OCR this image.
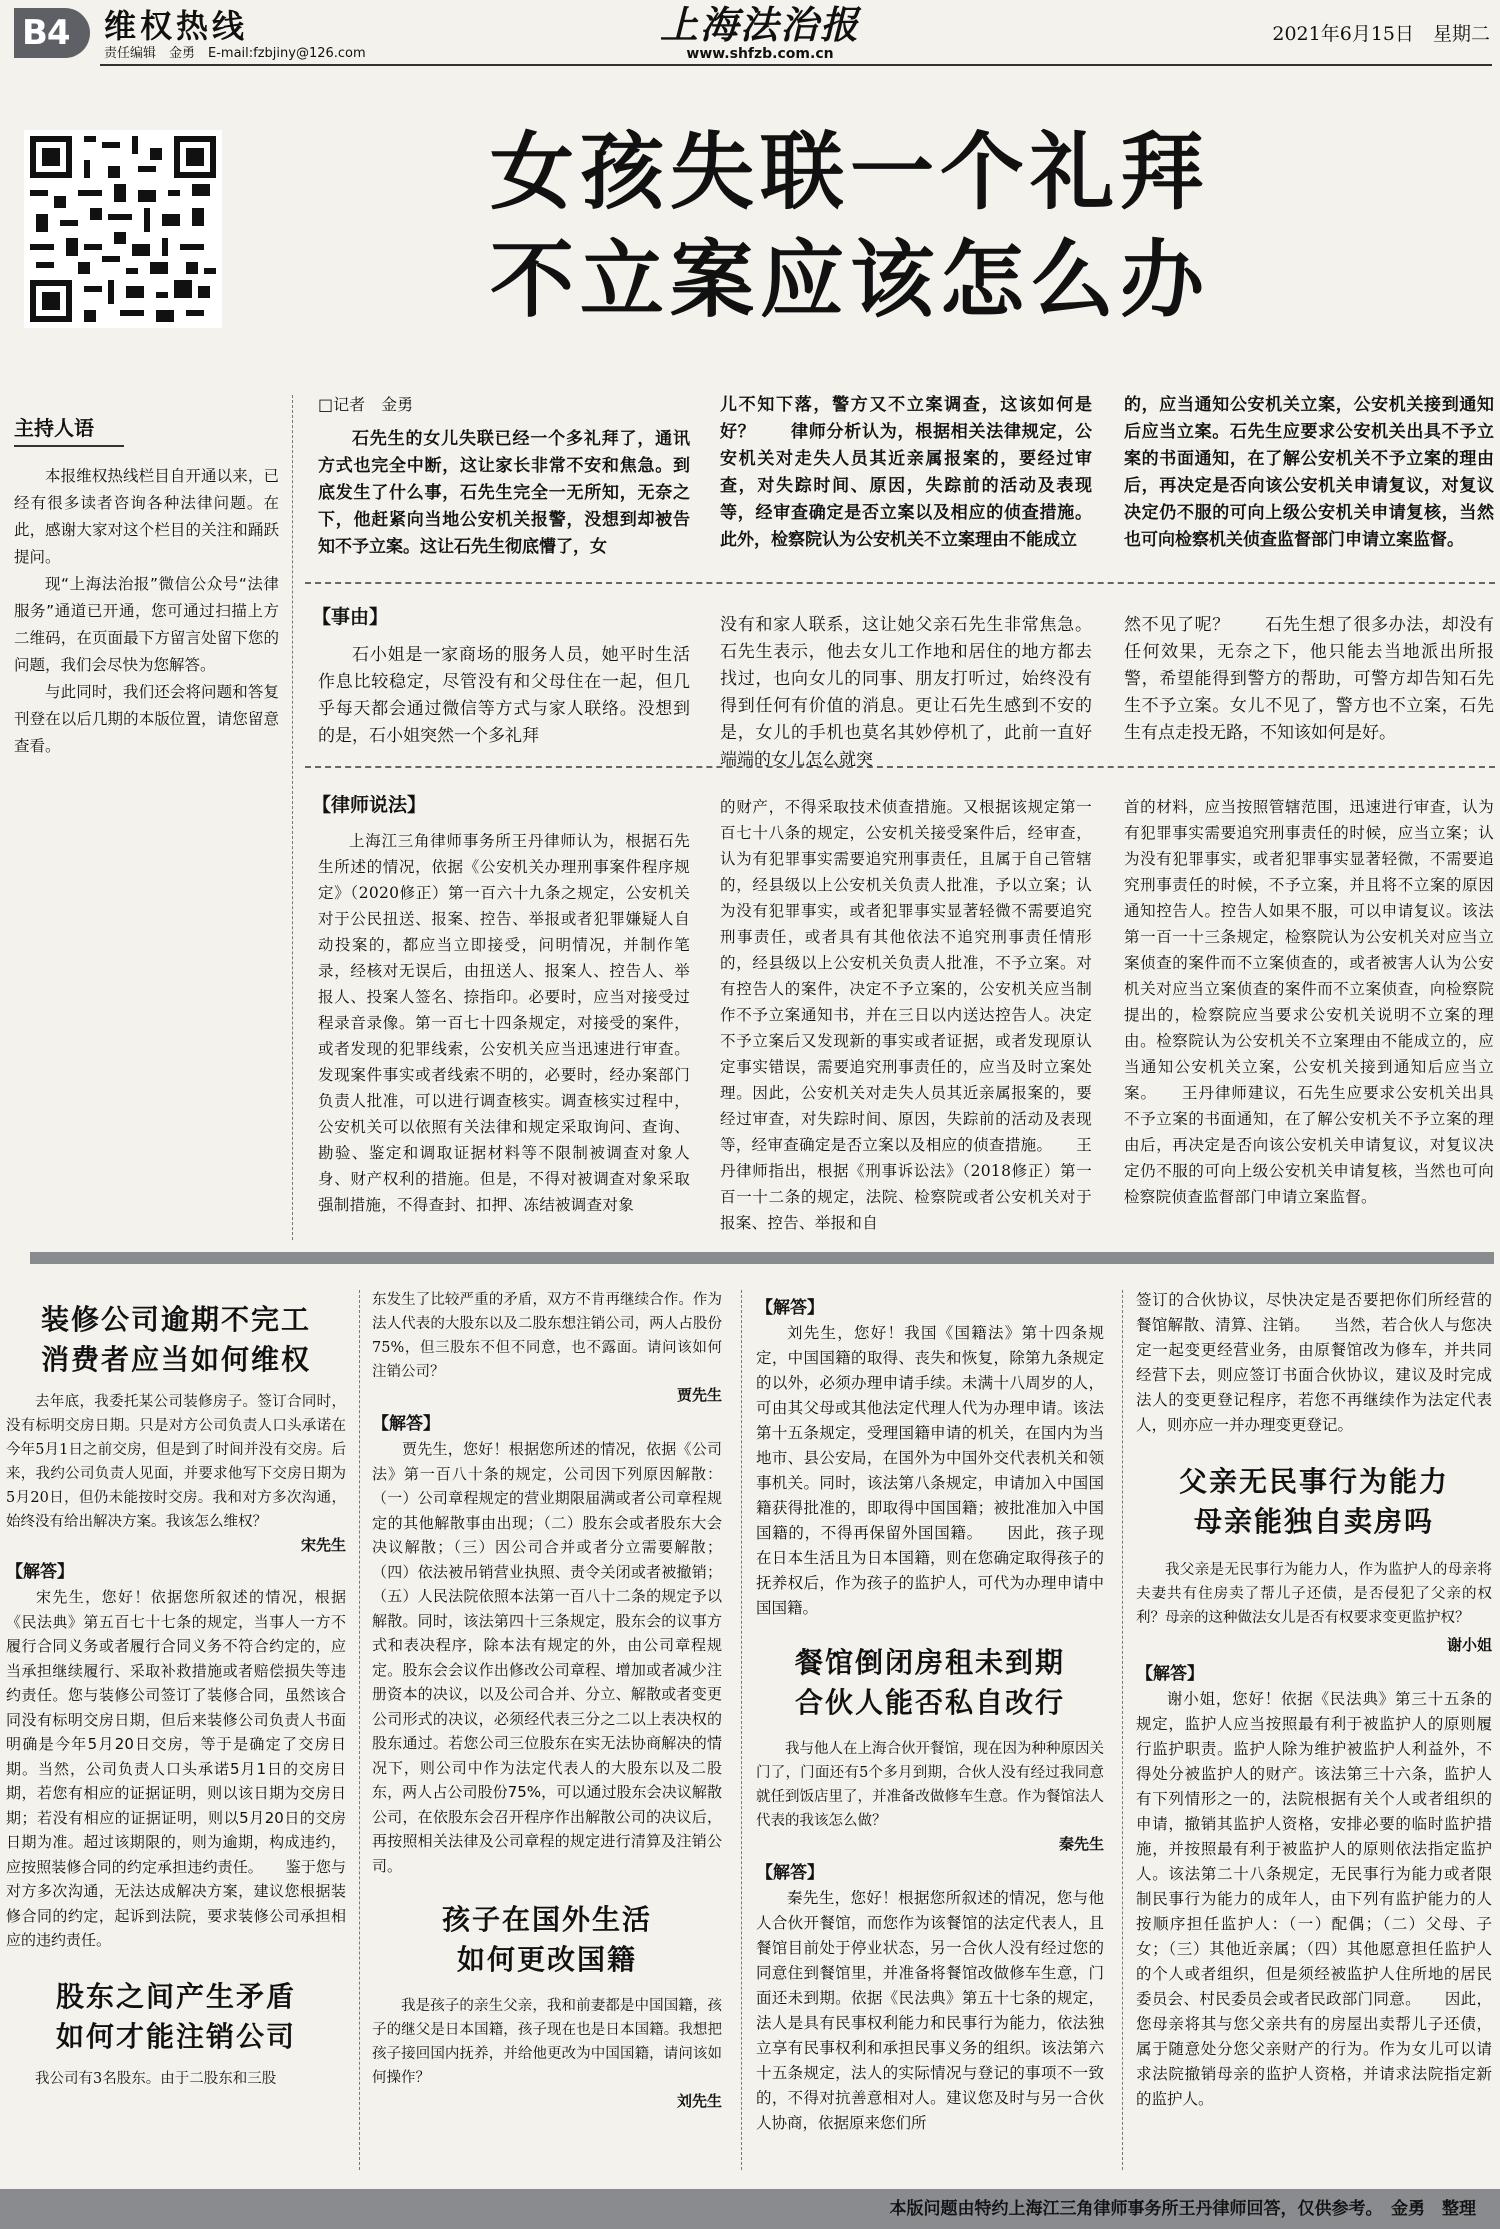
B4	维权热线
责任编辑　金勇　E-mail:fzbjiny@126.com
上海法治报
www.shfzb.com.cn
2021年6月15日　星期二
女孩失联一个礼拜
不立案应该怎么办
主持人语

本报维权热线栏目自开通以来，已经有很多读者咨询各种法律问题。在此，感谢大家对这个栏目的关注和踊跃提问。

现“上海法治报”微信公众号“法律服务”通道已开通，您可通过扫描上方二维码，在页面最下方留言处留下您的问题，我们会尽快为您解答。

与此同时，我们还会将问题和答复刊登在以后几期的本版位置，请您留意查看。

□记者　金勇
石先生的女儿失联已经一个多礼拜了，通讯方式也完全中断，这让家长非常不安和焦急。到底发生了什么事，石先生完全一无所知，无奈之下，他赶紧向当地公安机关报警，没想到却被告知不予立案。这让石先生彻底懵了，女
儿不知下落，警方又不立案调查，这该如何是好？　　律师分析认为，根据相关法律规定，公安机关对走失人员其近亲属报案的，要经过审查，对失踪时间、原因，失踪前的活动及表现等，经审查确定是否立案以及相应的侦查措施。此外，检察院认为公安机关不立案理由不能成立
的，应当通知公安机关立案，公安机关接到通知后应当立案。石先生应要求公安机关出具不予立案的书面通知，在了解公安机关不予立案的理由后，再决定是否向该公安机关申请复议，对复议决定仍不服的可向上级公安机关申请复核，当然也可向检察机关侦查监督部门申请立案监督。
【事由】
石小姐是一家商场的服务人员，她平时生活作息比较稳定，尽管没有和父母住在一起，但几乎每天都会通过微信等方式与家人联络。没想到的是，石小姐突然一个多礼拜
没有和家人联系，这让她父亲石先生非常焦急。石先生表示，他去女儿工作地和居住的地方都去找过，也向女儿的同事、朋友打听过，始终没有得到任何有价值的消息。更让石先生感到不安的是，女儿的手机也莫名其妙停机了，此前一直好端端的女儿怎么就突
然不见了呢？　　石先生想了很多办法，却没有任何效果，无奈之下，他只能去当地派出所报警，希望能得到警方的帮助，可警方却告知石先生不予立案。女儿不见了，警方也不立案，石先生有点走投无路，不知该如何是好。
【律师说法】
上海江三角律师事务所王丹律师认为，根据石先生所述的情况，依据《公安机关办理刑事案件程序规定》（2020修正）第一百六十九条之规定，公安机关对于公民扭送、报案、控告、举报或者犯罪嫌疑人自动投案的，都应当立即接受，问明情况，并制作笔录，经核对无误后，由扭送人、报案人、控告人、举报人、投案人签名、捺指印。必要时，应当对接受过程录音录像。第一百七十四条规定，对接受的案件，或者发现的犯罪线索，公安机关应当迅速进行审查。发现案件事实或者线索不明的，必要时，经办案部门负责人批准，可以进行调查核实。调查核实过程中，公安机关可以依照有关法律和规定采取询问、查询、勘验、鉴定和调取证据材料等不限制被调查对象人身、财产权利的措施。但是，不得对被调查对象采取强制措施，不得查封、扣押、冻结被调查对象
的财产，不得采取技术侦查措施。又根据该规定第一百七十八条的规定，公安机关接受案件后，经审查，认为有犯罪事实需要追究刑事责任，且属于自己管辖的，经县级以上公安机关负责人批准，予以立案；认为没有犯罪事实，或者犯罪事实显著轻微不需要追究刑事责任，或者具有其他依法不追究刑事责任情形的，经县级以上公安机关负责人批准，不予立案。对有控告人的案件，决定不予立案的，公安机关应当制作不予立案通知书，并在三日以内送达控告人。决定不予立案后又发现新的事实或者证据，或者发现原认定事实错误，需要追究刑事责任的，应当及时立案处理。因此，公安机关对走失人员其近亲属报案的，要经过审查，对失踪时间、原因，失踪前的活动及表现等，经审查确定是否立案以及相应的侦查措施。　　王丹律师指出，根据《刑事诉讼法》（2018修正）第一百一十二条的规定，法院、检察院或者公安机关对于报案、控告、举报和自
首的材料，应当按照管辖范围，迅速进行审查，认为有犯罪事实需要追究刑事责任的时候，应当立案；认为没有犯罪事实，或者犯罪事实显著轻微，不需要追究刑事责任的时候，不予立案，并且将不立案的原因通知控告人。控告人如果不服，可以申请复议。该法第一百一十三条规定，检察院认为公安机关对应当立案侦查的案件而不立案侦查的，或者被害人认为公安机关对应当立案侦查的案件而不立案侦查，向检察院提出的，检察院应当要求公安机关说明不立案的理由。检察院认为公安机关不立案理由不能成立的，应当通知公安机关立案，公安机关接到通知后应当立案。　　王丹律师建议，石先生应要求公安机关出具不予立案的书面通知，在了解公安机关不予立案的理由后，再决定是否向该公安机关申请复议，对复议决定仍不服的可向上级公安机关申请复核，当然也可向检察院侦查监督部门申请立案监督。
装修公司逾期不完工
消费者应当如何维权
去年底，我委托某公司装修房子。签订合同时，没有标明交房日期。只是对方公司负责人口头承诺在今年5月1日之前交房，但是到了时间并没有交房。后来，我约公司负责人见面，并要求他写下交房日期为5月20日，但仍未能按时交房。我和对方多次沟通，始终没有给出解决方案。我该怎么维权？
宋先生
【解答】
宋先生，您好！依据您所叙述的情况，根据《民法典》第五百七十七条的规定，当事人一方不履行合同义务或者履行合同义务不符合约定的，应当承担继续履行、采取补救措施或者赔偿损失等违约责任。您与装修公司签订了装修合同，虽然该合同没有标明交房日期，但后来装修公司负责人书面明确是今年5月20日交房，等于是确定了交房日期。当然，公司负责人口头承诺5月1日的交房日期，若您有相应的证据证明，则以该日期为交房日期；若没有相应的证据证明，则以5月20日的交房日期为准。超过该期限的，则为逾期，构成违约，应按照装修合同的约定承担违约责任。　　鉴于您与对方多次沟通，无法达成解决方案，建议您根据装修合同的约定，起诉到法院，要求装修公司承担相应的违约责任。
股东之间产生矛盾
如何才能注销公司
我公司有3名股东。由于二股东和三股
东发生了比较严重的矛盾，双方不肯再继续合作。作为法人代表的大股东以及二股东想注销公司，两人占股份75%，但三股东不但不同意，也不露面。请问该如何注销公司？
贾先生
【解答】
贾先生，您好！根据您所述的情况，依据《公司法》第一百八十条的规定，公司因下列原因解散：（一）公司章程规定的营业期限届满或者公司章程规定的其他解散事由出现；（二）股东会或者股东大会决议解散；（三）因公司合并或者分立需要解散；（四）依法被吊销营业执照、责令关闭或者被撤销；（五）人民法院依照本法第一百八十二条的规定予以解散。同时，该法第四十三条规定，股东会的议事方式和表决程序，除本法有规定的外，由公司章程规定。股东会会议作出修改公司章程、增加或者减少注册资本的决议，以及公司合并、分立、解散或者变更公司形式的决议，必须经代表三分之二以上表决权的股东通过。若您公司三位股东在实无法协商解决的情况下，则公司中作为法定代表人的大股东以及二股东，两人占公司股份75%，可以通过股东会决议解散公司，在依股东会召开程序作出解散公司的决议后，再按照相关法律及公司章程的规定进行清算及注销公司。
孩子在国外生活
如何更改国籍
我是孩子的亲生父亲，我和前妻都是中国国籍，孩子的继父是日本国籍，孩子现在也是日本国籍。我想把孩子接回国内抚养，并给他更改为中国国籍，请问该如何操作？
刘先生
【解答】
刘先生，您好！我国《国籍法》第十四条规定，中国国籍的取得、丧失和恢复，除第九条规定的以外，必须办理申请手续。未满十八周岁的人，可由其父母或其他法定代理人代为办理申请。该法第十五条规定，受理国籍申请的机关，在国内为当地市、县公安局，在国外为中国外交代表机关和领事机关。同时，该法第八条规定，申请加入中国国籍获得批准的，即取得中国国籍；被批准加入中国国籍的，不得再保留外国国籍。　　因此，孩子现在日本生活且为日本国籍，则在您确定取得孩子的抚养权后，作为孩子的监护人，可代为办理申请中国国籍。
餐馆倒闭房租未到期
合伙人能否私自改行
我与他人在上海合伙开餐馆，现在因为种种原因关门了，门面还有5个多月到期，合伙人没有经过我同意就任到饭店里了，并准备改做修车生意。作为餐馆法人代表的我该怎么做？
秦先生
【解答】
秦先生，您好！根据您所叙述的情况，您与他人合伙开餐馆，而您作为该餐馆的法定代表人，且餐馆目前处于停业状态，另一合伙人没有经过您的同意住到餐馆里，并准备将餐馆改做修车生意，门面还未到期。依据《民法典》第五十七条的规定，法人是具有民事权利能力和民事行为能力，依法独立享有民事权利和承担民事义务的组织。该法第六十五条规定，法人的实际情况与登记的事项不一致的，不得对抗善意相对人。建议您及时与另一合伙人协商，依据原来您们所
签订的合伙协议，尽快决定是否要把你们所经营的餐馆解散、清算、注销。　　当然，若合伙人与您决定一起变更经营业务，由原餐馆改为修车，并共同经营下去，则应签订书面合伙协议，建议及时完成法人的变更登记程序，若您不再继续作为法定代表人，则亦应一并办理变更登记。
父亲无民事行为能力
母亲能独自卖房吗
我父亲是无民事行为能力人，作为监护人的母亲将夫妻共有住房卖了帮儿子还债，是否侵犯了父亲的权利？母亲的这种做法女儿是否有权要求变更监护权？
谢小姐
【解答】
谢小姐，您好！依据《民法典》第三十五条的规定，监护人应当按照最有利于被监护人的原则履行监护职责。监护人除为维护被监护人利益外，不得处分被监护人的财产。该法第三十六条，监护人有下列情形之一的，法院根据有关个人或者组织的申请，撤销其监护人资格，安排必要的临时监护措施，并按照最有利于被监护人的原则依法指定监护人。该法第二十八条规定，无民事行为能力或者限制民事行为能力的成年人，由下列有监护能力的人按顺序担任监护人：（一）配偶；（二）父母、子女；（三）其他近亲属；（四）其他愿意担任监护人的个人或者组织，但是须经被监护人住所地的居民委员会、村民委员会或者民政部门同意。　　因此，您母亲将其与您父亲共有的房屋出卖帮儿子还债，属于随意处分您父亲财产的行为。作为女儿可以请求法院撤销母亲的监护人资格，并请求法院指定新的监护人。
本版问题由特约上海江三角律师事务所王丹律师回答，仅供参考。　金勇　整理
